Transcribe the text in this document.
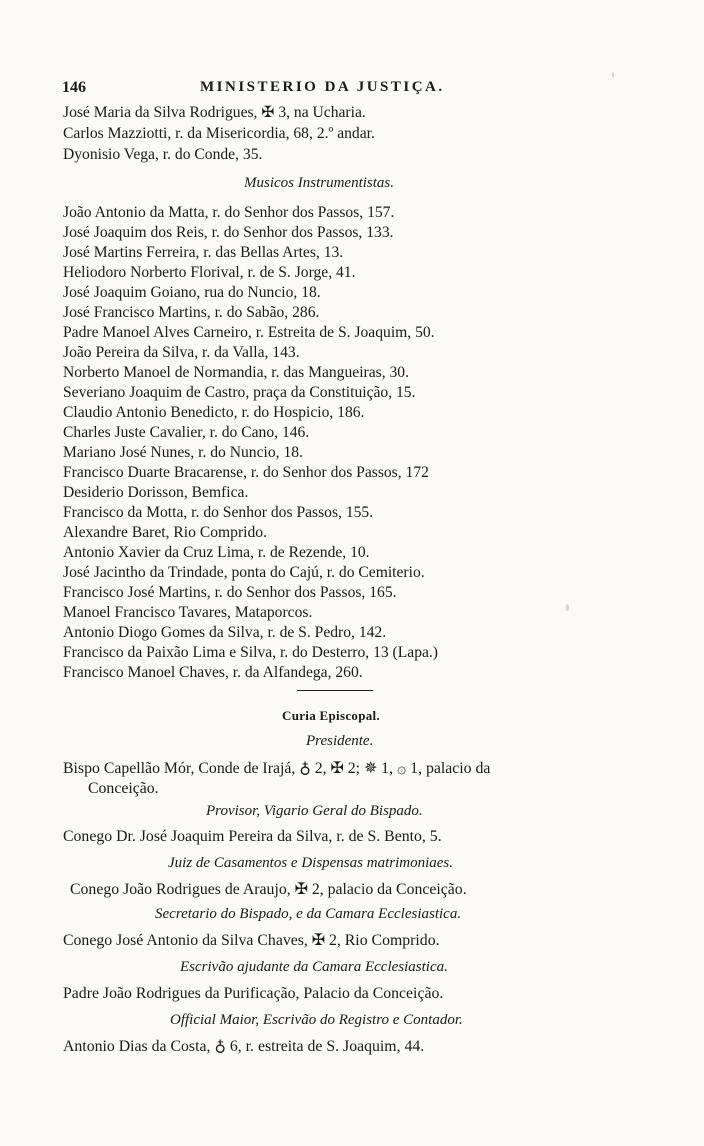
146	MINISTERIO DA JUSTIÇA.
José Maria da Silva Rodrigues, ✠ 3, na Ucharia.
Carlos Mazziotti, r. da Misericordia, 68, 2.º andar.
Dyonisio Vega, r. do Conde, 35.
Musicos Instrumentistas.
João Antonio da Matta, r. do Senhor dos Passos, 157.
José Joaquim dos Reis, r. do Senhor dos Passos, 133.
José Martins Ferreira, r. das Bellas Artes, 13.
Heliodoro Norberto Florival, r. de S. Jorge, 41.
José Joaquim Goiano, rua do Nuncio, 18.
José Francisco Martins, r. do Sabão, 286.
Padre Manoel Alves Carneiro, r. Estreita de S. Joaquim, 50.
João Pereira da Silva, r. da Valla, 143.
Norberto Manoel de Normandia, r. das Mangueiras, 30.
Severiano Joaquim de Castro, praça da Constituição, 15.
Claudio Antonio Benedicto, r. do Hospicio, 186.
Charles Juste Cavalier, r. do Cano, 146.
Mariano José Nunes, r. do Nuncio, 18.
Francisco Duarte Bracarense, r. do Senhor dos Passos, 172
Desiderio Dorisson, Bemfica.
Francisco da Motta, r. do Senhor dos Passos, 155.
Alexandre Baret, Rio Comprido.
Antonio Xavier da Cruz Lima, r. de Rezende, 10.
José Jacintho da Trindade, ponta do Cajú, r. do Cemiterio.
Francisco José Martins, r. do Senhor dos Passos, 165.
Manoel Francisco Tavares, Mataporcos.
Antonio Diogo Gomes da Silva, r. de S. Pedro, 142.
Francisco da Paixão Lima e Silva, r. do Desterro, 13 (Lapa.)
Francisco Manoel Chaves, r. da Alfandega, 260.
Curia Episcopal.
Presidente.
Bispo Capellão Mór, Conde de Irajá, ♁ 2, ✠ 2; ✵ 1, ۞ 1, palacio da
Conceição.
Provisor, Vigario Geral do Bispado.
Conego Dr. José Joaquim Pereira da Silva, r. de S. Bento, 5.
Juiz de Casamentos e Dispensas matrimoniaes.
Conego João Rodrigues de Araujo, ✠ 2, palacio da Conceição.
Secretario do Bispado, e da Camara Ecclesiastica.
Conego José Antonio da Silva Chaves, ✠ 2, Rio Comprido.
Escrivão ajudante da Camara Ecclesiastica.
Padre João Rodrigues da Purificação, Palacio da Conceição.
Official Maior, Escrivão do Registro e Contador.
Antonio Dias da Costa, ♁ 6, r. estreita de S. Joaquim, 44.
